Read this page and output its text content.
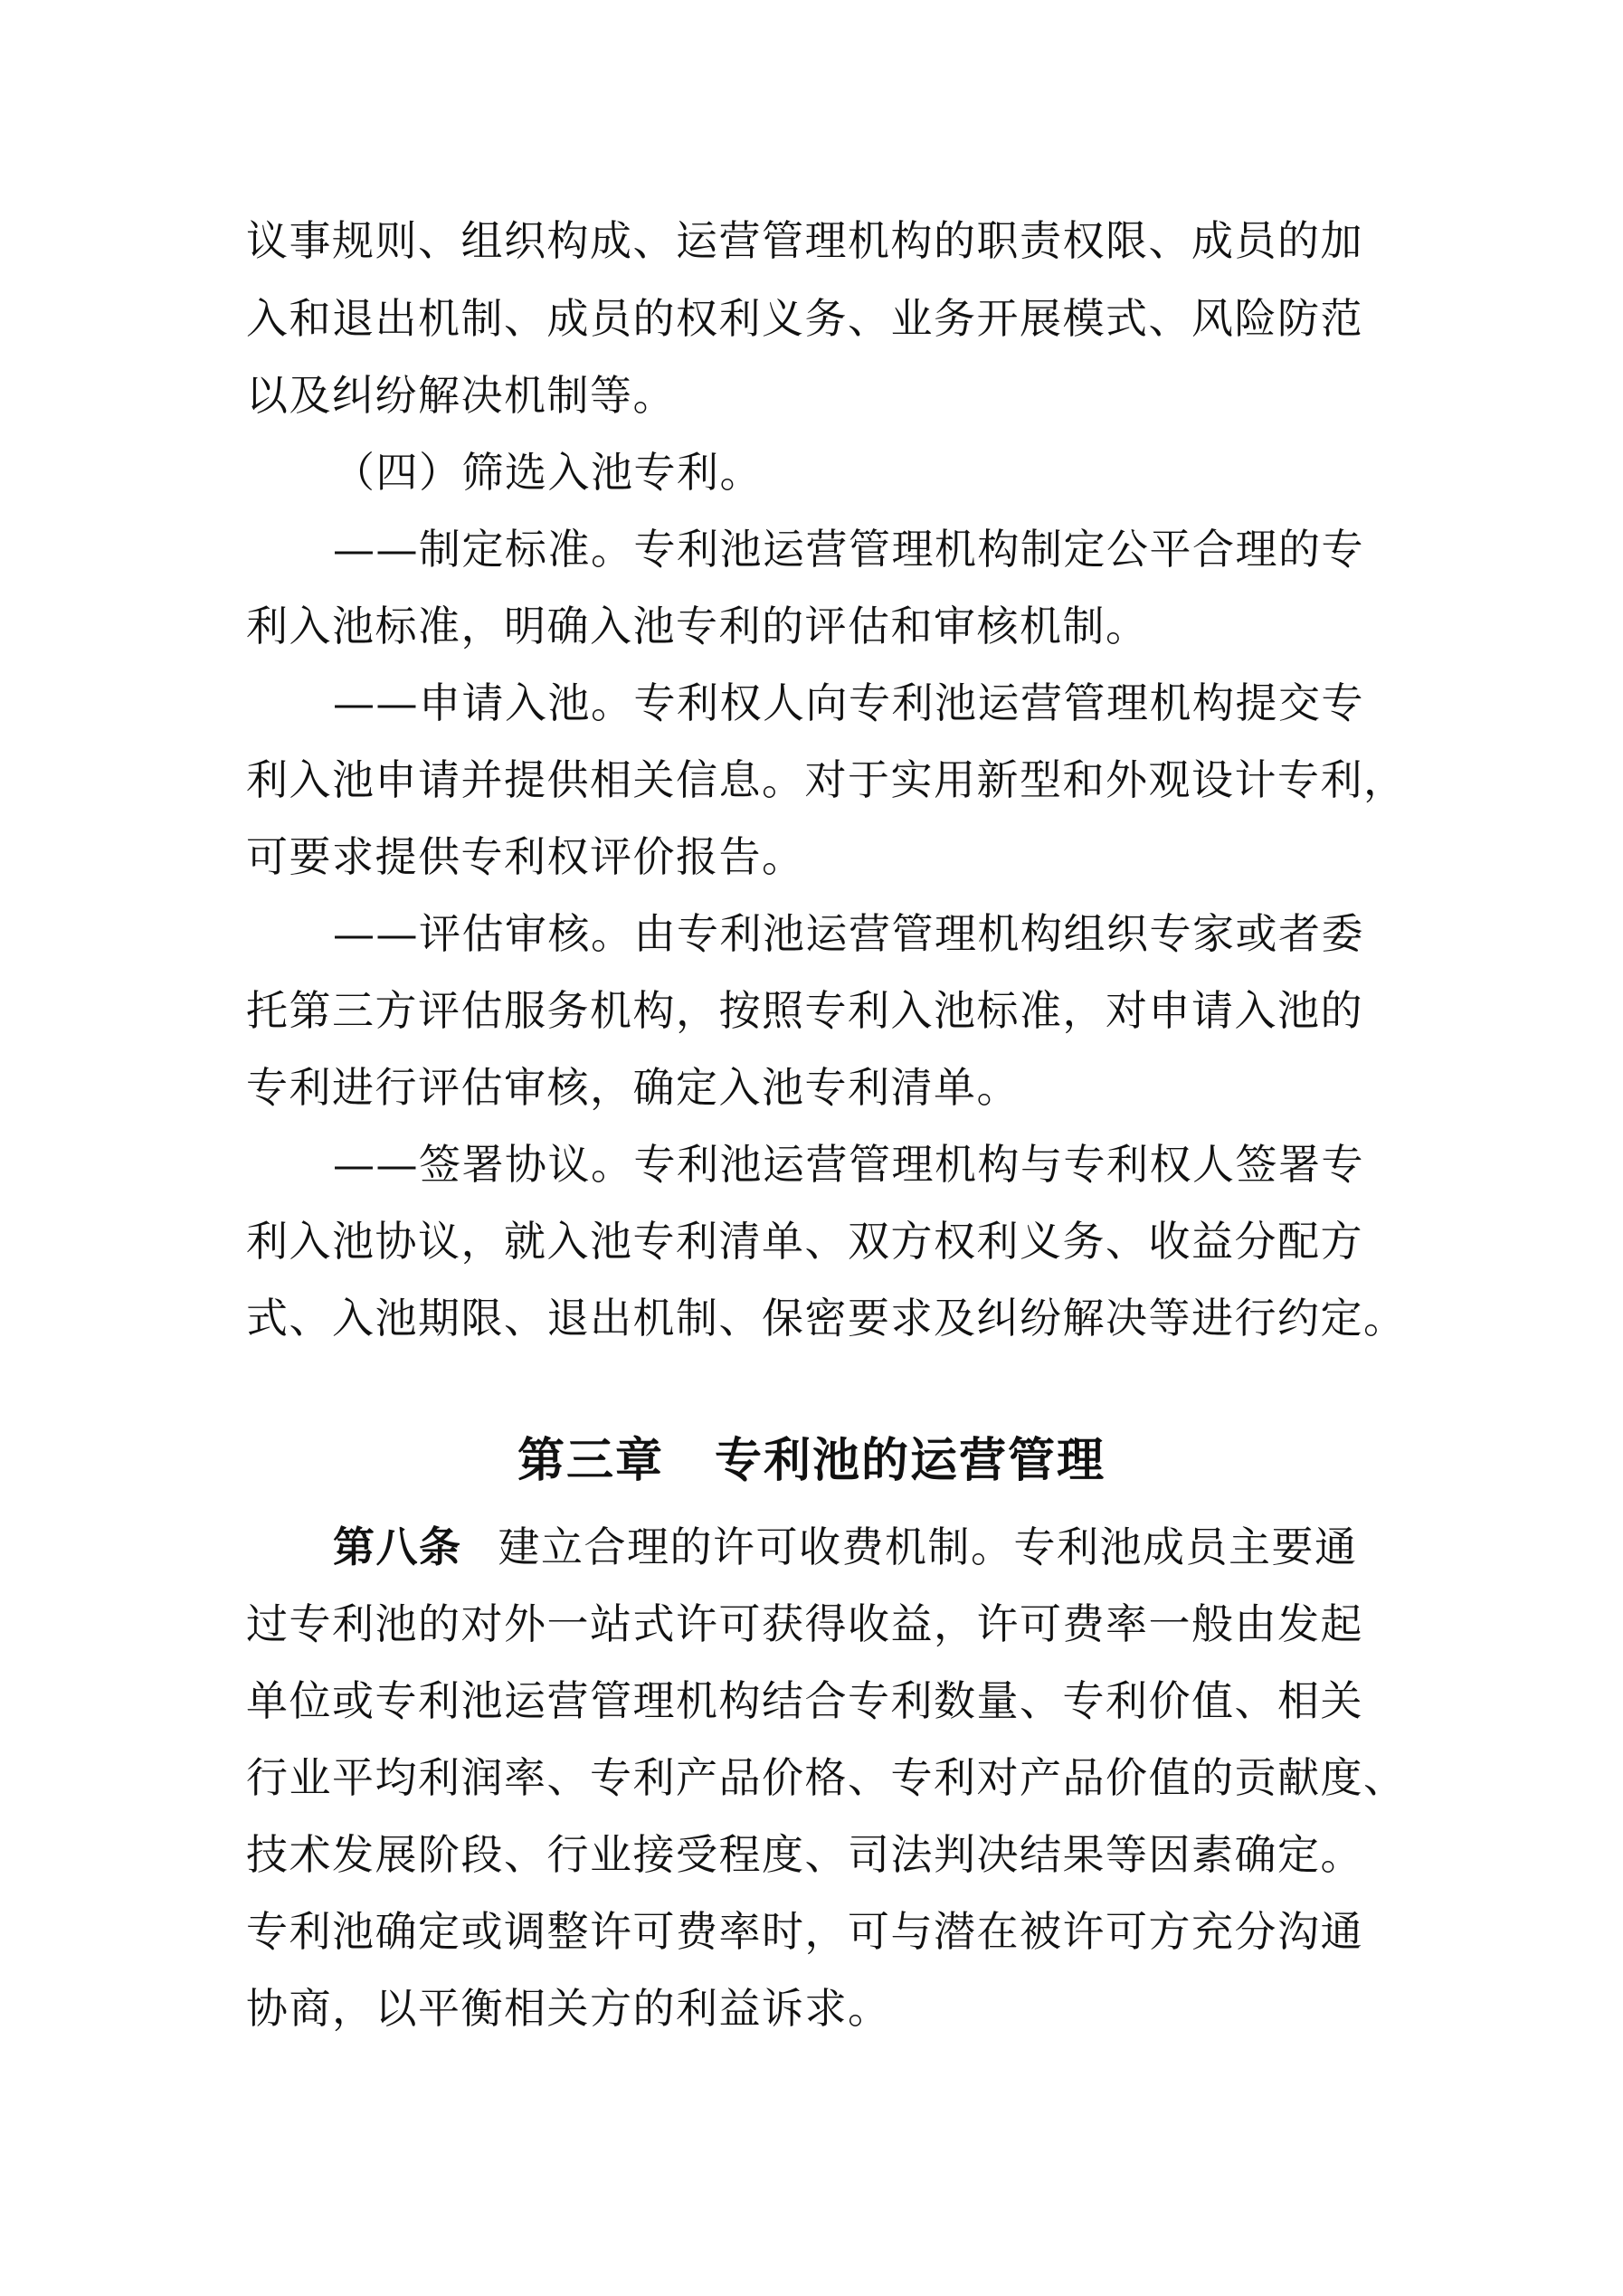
议事规则、组织构成、运营管理机构的职责权限、成员的加
入和退出机制、成员的权利义务、业务开展模式、风险防范
以及纠纷解决机制等。
（四）筛选入池专利。
——制定标准。专利池运营管理机构制定公平合理的专
利入池标准，明确入池专利的评估和审核机制。
——申请入池。专利权人向专利池运营管理机构提交专
利入池申请并提供相关信息。对于实用新型和外观设计专利，
可要求提供专利权评价报告。
——评估审核。由专利池运营管理机构组织专家或者委
托第三方评估服务机构，按照专利入池标准，对申请入池的
专利进行评估审核，确定入池专利清单。
——签署协议。专利池运营管理机构与专利权人签署专
利入池协议，就入池专利清单、双方权利义务、收益分配方
式、入池期限、退出机制、保密要求及纠纷解决等进行约定。
第三章 专利池的运营管理
第八条 建立合理的许可收费机制。专利池成员主要通
过专利池的对外一站式许可获得收益，许可费率一般由发起
单位或专利池运营管理机构结合专利数量、专利价值、相关
行业平均利润率、专利产品价格、专利对产品价值的贡献度、
技术发展阶段、行业接受程度、司法判决结果等因素确定。
专利池确定或调整许可费率时，可与潜在被许可方充分沟通
协商，以平衡相关方的利益诉求。
